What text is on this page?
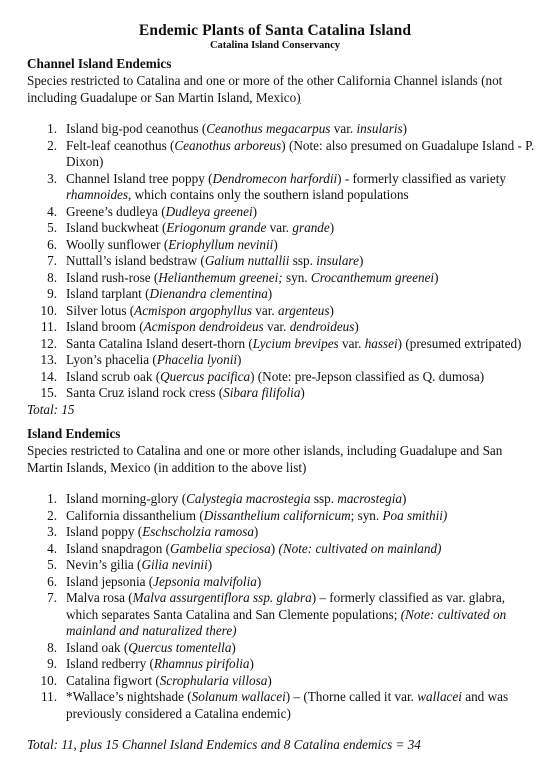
Endemic Plants of Santa Catalina Island
Catalina Island Conservancy
Channel Island Endemics

Species restricted to Catalina and one or more of the other California Channel islands (not including Guadalupe or San Martin Island, Mexico)

1. Island big-pod ceanothus (Ceanothus megacarpus var. insularis)
2. Felt-leaf ceanothus (Ceanothus arboreus) (Note: also presumed on Guadalupe Island - P. Dixon)
3. Channel Island tree poppy (Dendromecon harfordii) - formerly classified as variety rhamnoides, which contains only the southern island populations
4. Greene’s dudleya (Dudleya greenei)
5. Island buckwheat (Eriogonum grande var. grande)
6. Woolly sunflower (Eriophyllum nevinii)
7. Nuttall’s island bedstraw (Galium nuttallii ssp. insulare)
8. Island rush-rose (Helianthemum greenei; syn. Crocanthemum greenei)
9. Island tarplant (Dienandra clementina)
10. Silver lotus (Acmispon argophyllus var. argenteus)
11. Island broom (Acmispon dendroideus var. dendroideus)
12. Santa Catalina Island desert-thorn (Lycium brevipes var. hassei) (presumed extripated)
13. Lyon’s phacelia (Phacelia lyonii)
14. Island scrub oak (Quercus pacifica) (Note: pre-Jepson classified as Q. dumosa)
15. Santa Cruz island rock cress (Sibara filifolia)
Total: 15
Island Endemics

Species restricted to Catalina and one or more other islands, including Guadalupe and San Martin Islands, Mexico (in addition to the above list)

1. Island morning-glory (Calystegia macrostegia ssp. macrostegia)
2. California dissanthelium (Dissanthelium californicum; syn. Poa smithii)
3. Island poppy (Eschscholzia ramosa)
4. Island snapdragon (Gambelia speciosa) (Note: cultivated on mainland)
5. Nevin’s gilia (Gilia nevinii)
6. Island jepsonia (Jepsonia malvifolia)
7. Malva rosa (Malva assurgentiflora ssp. glabra) – formerly classified as var. glabra, which separates Santa Catalina and San Clemente populations; (Note: cultivated on mainland and naturalized there)
8. Island oak (Quercus tomentella)
9. Island redberry (Rhamnus pirifolia)
10. Catalina figwort (Scrophularia villosa)
11. *Wallace’s nightshade (Solanum wallacei) – (Thorne called it var. wallacei and was previously considered a Catalina endemic)
Total: 11, plus 15 Channel Island Endemics and 8 Catalina endemics = 34
